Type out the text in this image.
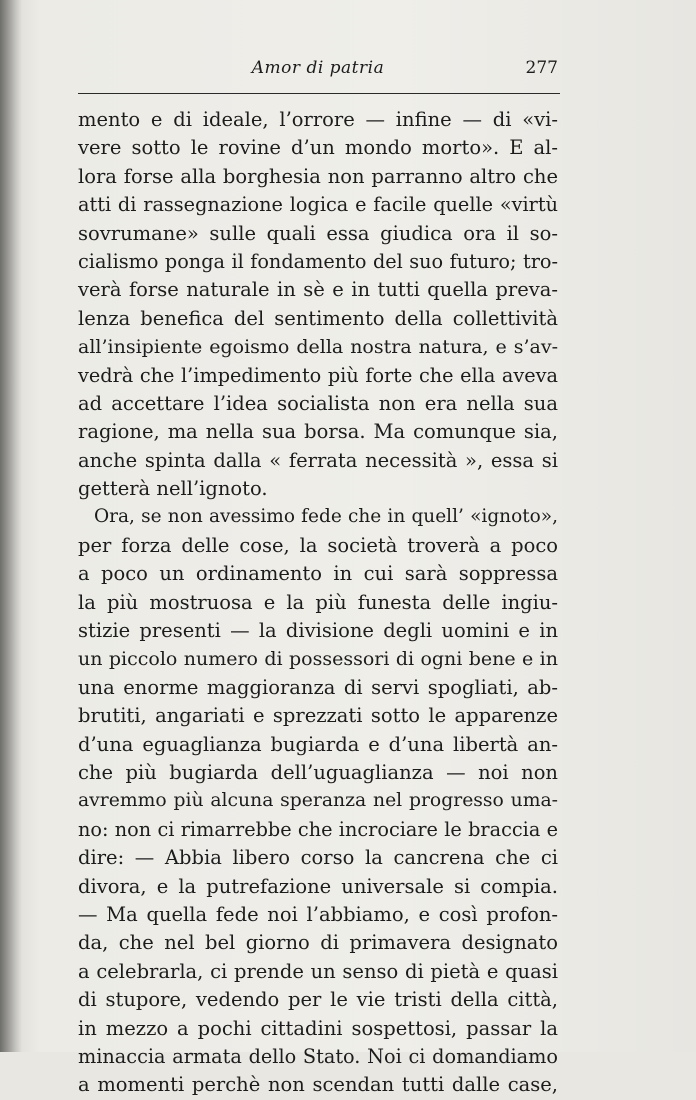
Amor di patria	277
mento e di ideale, l’orrore — infine — di «vi-
vere sotto le rovine d’un mondo morto». E al-
lora forse alla borghesia non parranno altro che
atti di rassegnazione logica e facile quelle «virtù
sovrumane» sulle quali essa giudica ora il so-
cialismo ponga il fondamento del suo futuro; tro-
verà forse naturale in sè e in tutti quella preva-
lenza benefica del sentimento della collettività
all’insipiente egoismo della nostra natura, e s’av-
vedrà che l’impedimento più forte che ella aveva
ad accettare l’idea socialista non era nella sua
ragione, ma nella sua borsa. Ma comunque sia,
anche spinta dalla « ferrata necessità », essa si
getterà nell’ignoto.
Ora, se non avessimo fede che in quell’ «ignoto»,
per forza delle cose, la società troverà a poco
a poco un ordinamento in cui sarà soppressa
la più mostruosa e la più funesta delle ingiu-
stizie presenti — la divisione degli uomini e in
un piccolo numero di possessori di ogni bene e in
una enorme maggioranza di servi spogliati, ab-
brutiti, angariati e sprezzati sotto le apparenze
d’una eguaglianza bugiarda e d’una libertà an-
che più bugiarda dell’uguaglianza — noi non
avremmo più alcuna speranza nel progresso uma-
no: non ci rimarrebbe che incrociare le braccia e
dire: — Abbia libero corso la cancrena che ci
divora, e la putrefazione universale si compia.
— Ma quella fede noi l’abbiamo, e così profon-
da, che nel bel giorno di primavera designato
a celebrarla, ci prende un senso di pietà e quasi
di stupore, vedendo per le vie tristi della città,
in mezzo a pochi cittadini sospettosi, passar la
minaccia armata dello Stato. Noi ci domandiamo
a momenti perchè non scendan tutti dalle case,
